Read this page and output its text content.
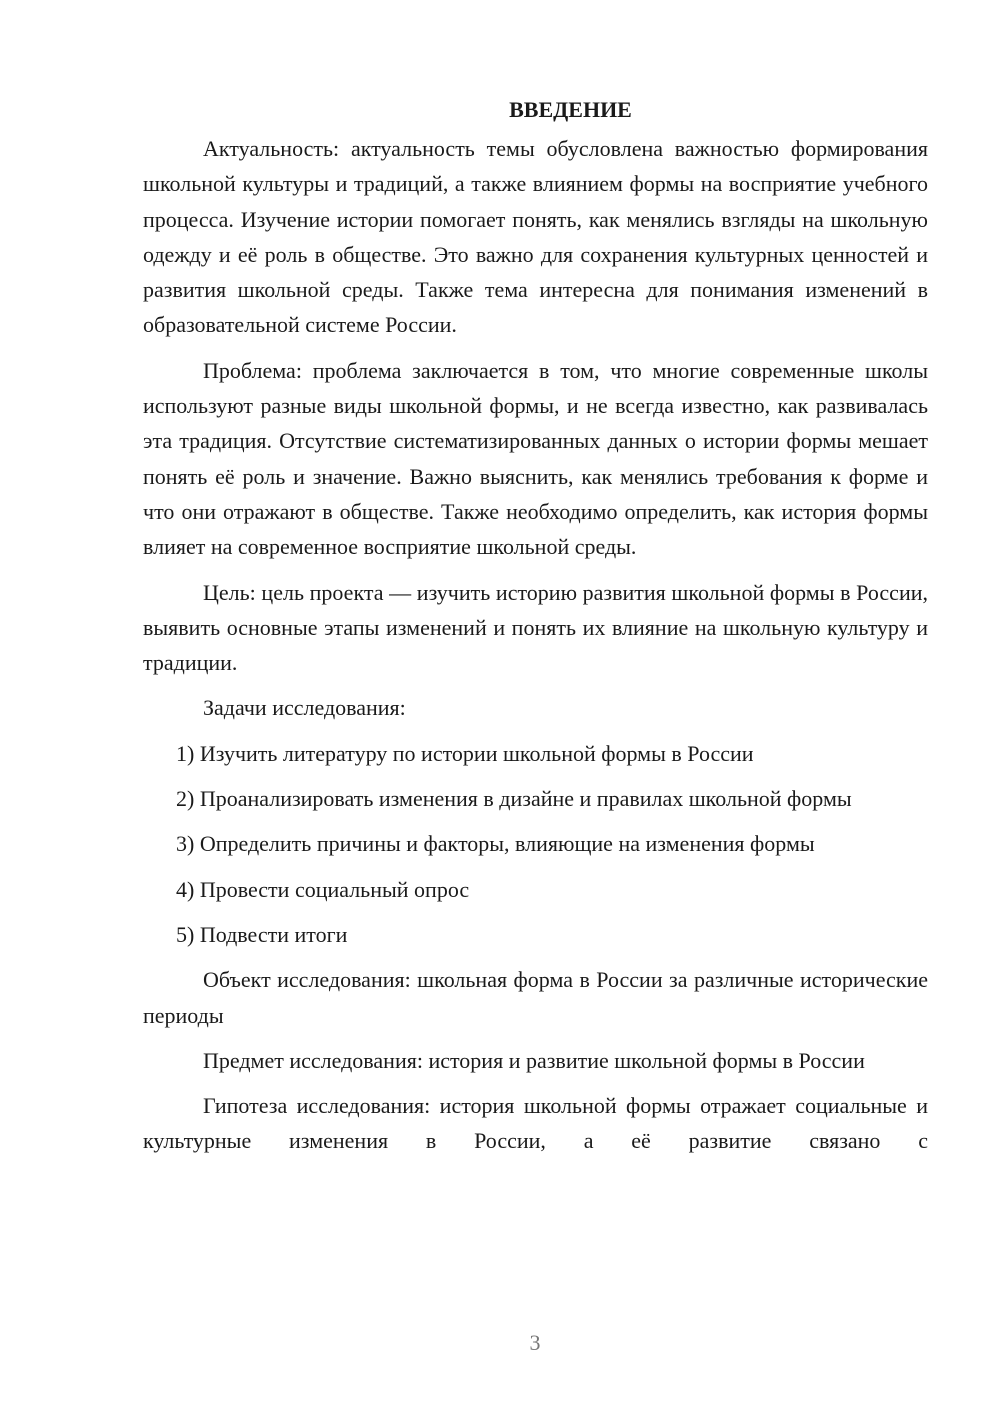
ВВЕДЕНИЕ

Актуальность: актуальность темы обусловлена важностью формирования школьной культуры и традиций, а также влиянием формы на восприятие учебного процесса. Изучение истории помогает понять, как менялись взгляды на школьную одежду и её роль в обществе. Это важно для сохранения культурных ценностей и развития школьной среды. Также тема интересна для понимания изменений в образовательной системе России.

Проблема: проблема заключается в том, что многие современные школы используют разные виды школьной формы, и не всегда известно, как развивалась эта традиция. Отсутствие систематизированных данных о истории формы мешает понять её роль и значение. Важно выяснить, как менялись требования к форме и что они отражают в обществе. Также необходимо определить, как история формы влияет на современное восприятие школьной среды.

Цель: цель проекта — изучить историю развития школьной формы в России, выявить основные этапы изменений и понять их влияние на школьную культуру и традиции.

Задачи исследования:

1) Изучить литературу по истории школьной формы в России

2) Проанализировать изменения в дизайне и правилах школьной формы

3) Определить причины и факторы, влияющие на изменения формы

4) Провести социальный опрос

5) Подвести итоги

Объект исследования: школьная форма в России за различные исторические периоды

Предмет исследования: история и развитие школьной формы в России

Гипотеза исследования: история школьной формы отражает социальные и культурные изменения в России, а её развитие связано с

3
